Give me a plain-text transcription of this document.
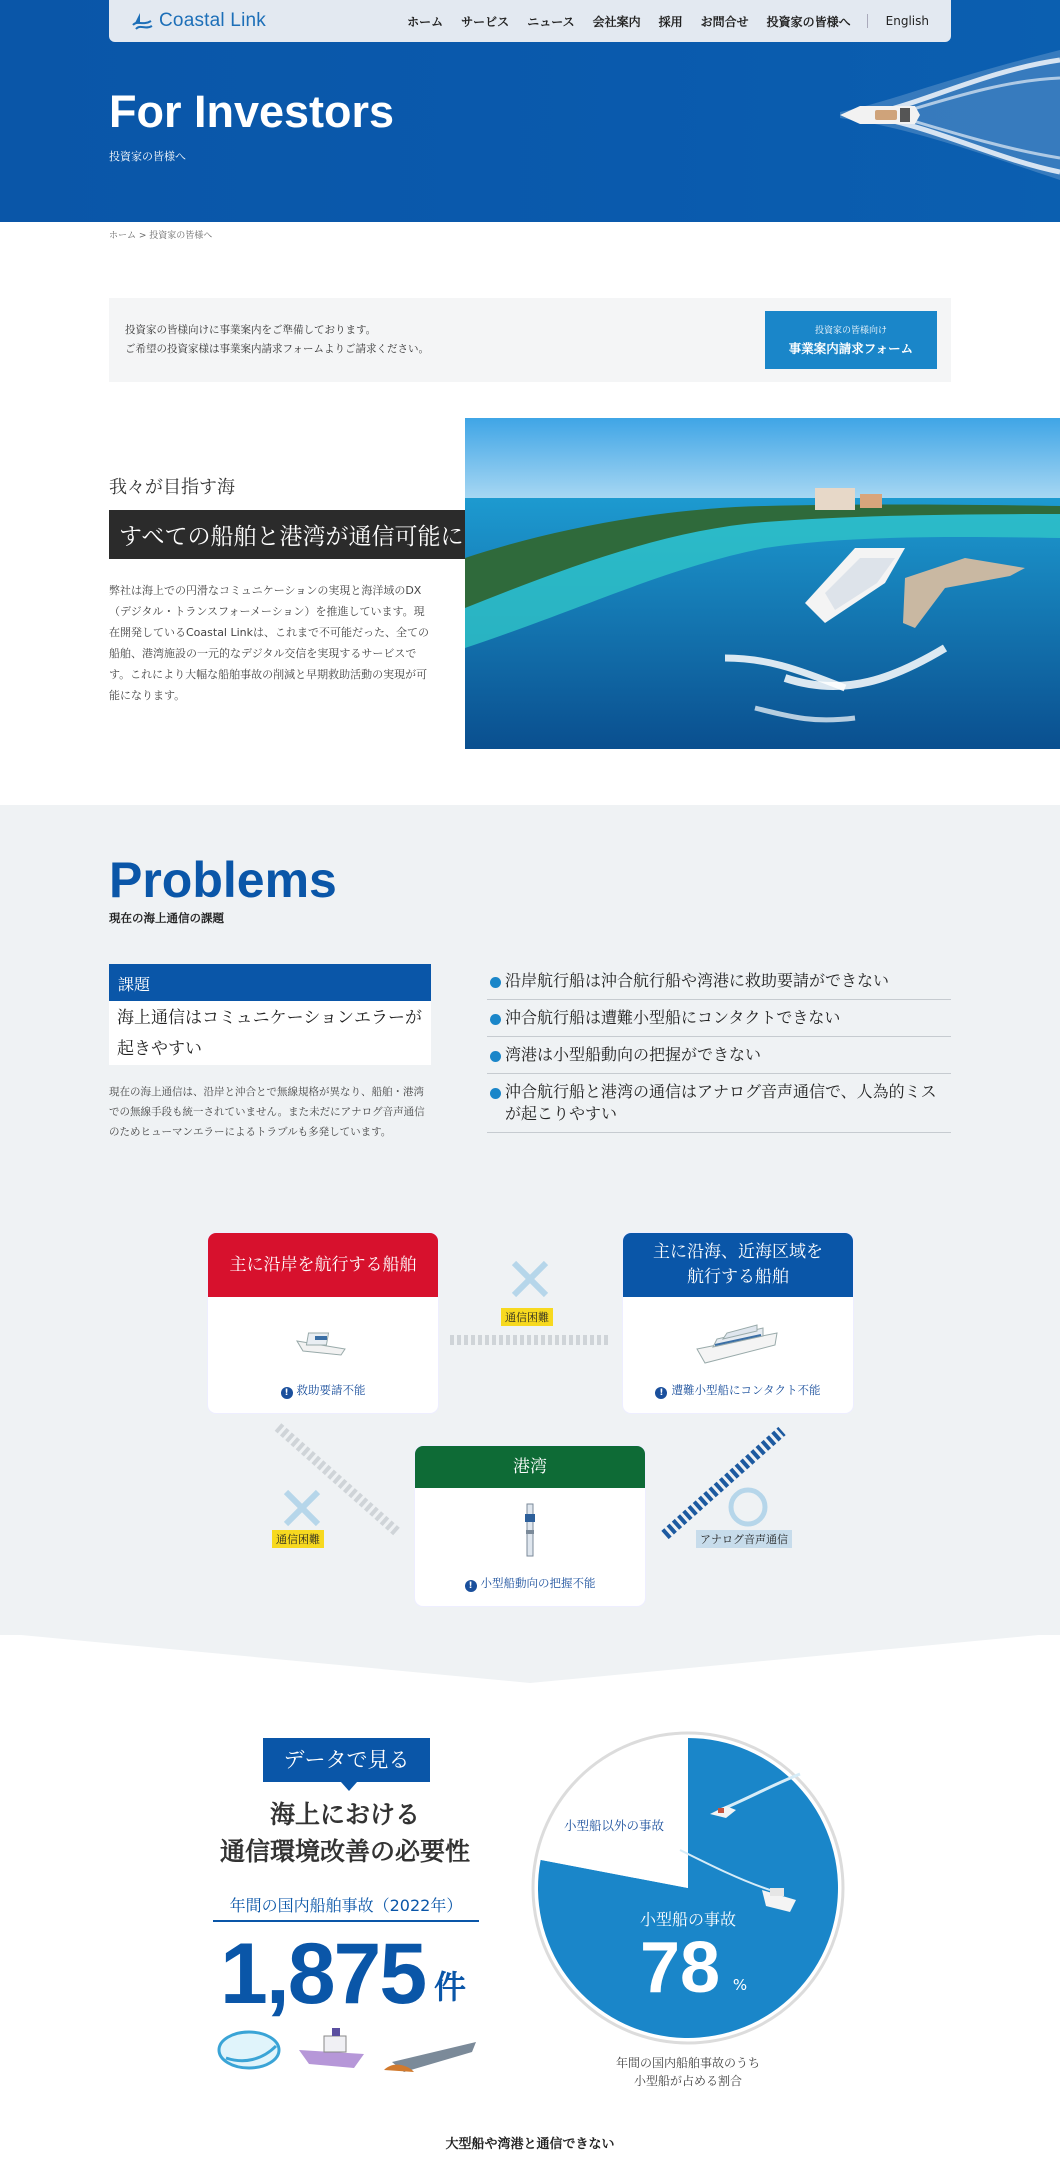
Coastal Link	ホーム サービス ニュース 会社案内 採用 お問合せ 投資家の皆様へ	English
For Investors
投資家の皆様へ
ホーム > 投資家の皆様へ
投資家の皆様向けに事業案内をご準備しております。
ご希望の投資家様は事業案内請求フォームよりご請求ください。
投資家の皆様向け
事業案内請求フォーム
我々が目指す海
すべての船舶と港湾が通信可能に
弊社は海上での円滑なコミュニケーションの実現と海洋域のDX（デジタル・トランスフォーメーション）を推進しています。現在開発しているCoastal Linkは、これまで不可能だった、全ての船舶、港湾施設の一元的なデジタル交信を実現するサービスです。これにより大幅な船舶事故の削減と早期救助活動の実現が可能になります。
Problems
現在の海上通信の課題
課題
海上通信はコミュニケーションエラーが起きやすい
現在の海上通信は、沿岸と沖合とで無線規格が異なり、船舶・港湾での無線手段も統一されていません。また未だにアナログ音声通信のためヒューマンエラーによるトラブルも多発しています。
沿岸航行船は沖合航行船や湾港に救助要請ができない
沖合航行船は遭難小型船にコンタクトできない
湾港は小型船動向の把握ができない
沖合航行船と港湾の通信はアナログ音声通信で、人為的ミスが起こりやすい
主に沿岸を航行する船舶
! 救助要請不能
主に沿海、近海区域を航行する船舶
! 遭難小型船にコンタクト不能
港湾
! 小型船動向の把握不能
通信困難
通信困難	アナログ音声通信
データで見る
海上における
通信環境改善の必要性
年間の国内船舶事故（2022年）
1,875 件
小型船以外の事故
小型船の事故
78 %
年間の国内船舶事故のうち
小型船が占める割合
大型船や湾港と通信できない
